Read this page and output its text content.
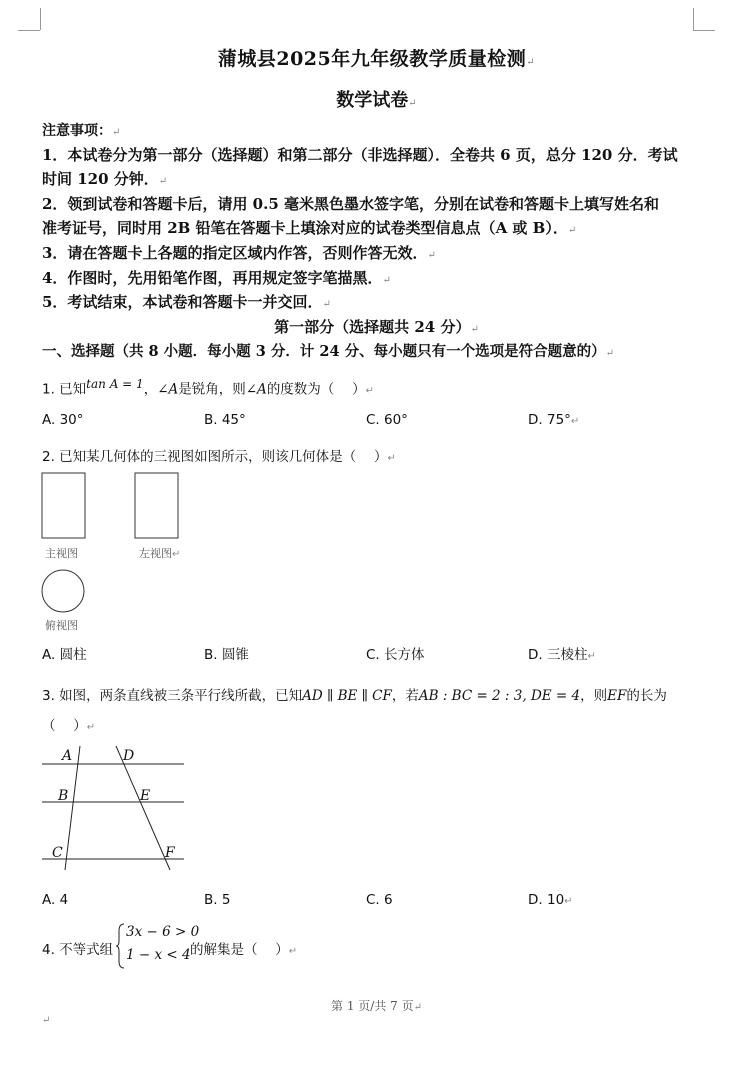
蒲城县2025年九年级教学质量检测↵
数学试卷↵
注意事项：↵
1．本试卷分为第一部分（选择题）和第二部分（非选择题）．全卷共 6 页，总分 120 分．考试
时间 120 分钟．↵
2．领到试卷和答题卡后，请用 0.5 毫米黑色墨水签字笔，分别在试卷和答题卡上填写姓名和
准考证号，同时用 2B 铅笔在答题卡上填涂对应的试卷类型信息点（A 或 B）．↵
3．请在答题卡上各题的指定区域内作答，否则作答无效．↵
4．作图时，先用铅笔作图，再用规定签字笔描黑．↵
5．考试结束，本试卷和答题卡一并交回．↵
第一部分（选择题共 24 分）↵
一、选择题（共 8 小题．每小题 3 分．计 24 分、每小题只有一个选项是符合题意的）↵
1. 已知$^{tan A = 1}$，∠A是锐角，则∠A的度数为（　 ）↵
A. 30°	B. 45°	C. 60°	D. 75°↵
2. 已知某几何体的三视图如图所示，则该几何体是（　 ）↵
主视图	左视图↵
俯视图
A. 圆柱	B. 圆锥	C. 长方体	D. 三棱柱↵
3. 如图，两条直线被三条平行线所截，已知AD ∥ BE ∥ CF，若AB : BC = 2 : 3, DE = 4，则EF的长为
（　 ）↵
A	D
B	E
C	F
A. 4	B. 5	C. 6	D. 10↵
4. 不等式组
3x − 6 > 0
1 − x < 4 的解集是（　 ）↵
第 1 页/共 7 页↵
↵
